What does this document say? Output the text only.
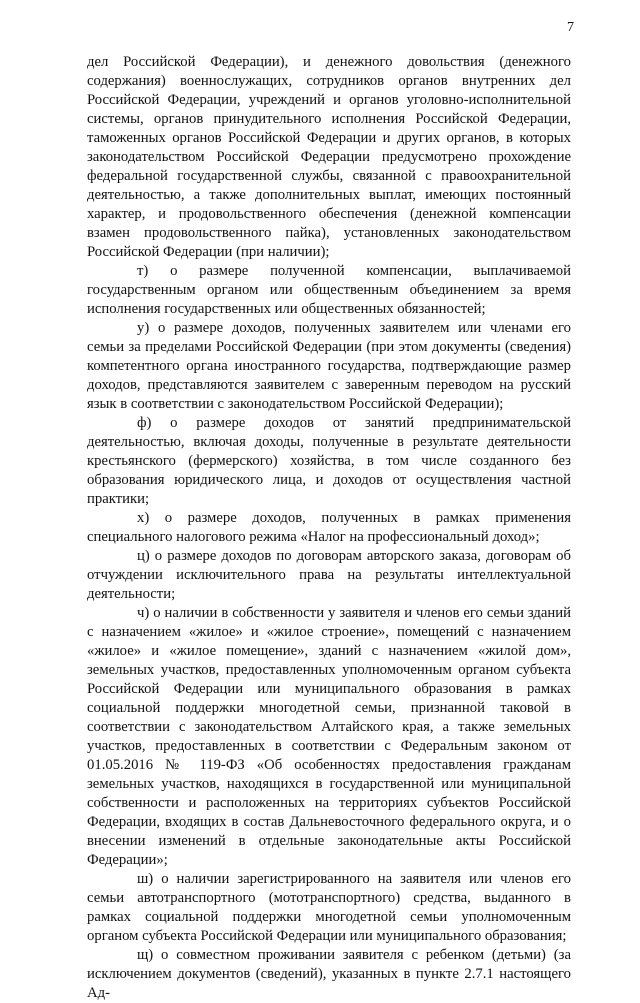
7

дел Российской Федерации), и денежного довольствия (денежного содержания) военнослужащих, сотрудников органов внутренних дел Российской Федерации, учреждений и органов уголовно-исполнительной системы, органов принудительного исполнения Российской Федерации, таможенных органов Российской Федерации и других органов, в которых законодательством Российской Федерации предусмотрено прохождение федеральной государственной службы, связанной с правоохранительной деятельностью, а также дополнительных выплат, имеющих постоянный характер, и продовольственного обеспечения (денежной компенсации взамен продовольственного пайка), установленных законодательством Российской Федерации (при наличии);

т) о размере полученной компенсации, выплачиваемой государственным органом или общественным объединением за время исполнения государственных или общественных обязанностей;

у) о размере доходов, полученных заявителем или членами его семьи за пределами Российской Федерации (при этом документы (сведения) компетентного органа иностранного государства, подтверждающие размер доходов, представляются заявителем с заверенным переводом на русский язык в соответствии с законодательством Российской Федерации);

ф) о размере доходов от занятий предпринимательской деятельностью, включая доходы, полученные в результате деятельности крестьянского (фермерского) хозяйства, в том числе созданного без образования юридического лица, и доходов от осуществления частной практики;

х) о размере доходов, полученных в рамках применения специального налогового режима «Налог на профессиональный доход»;

ц) о размере доходов по договорам авторского заказа, договорам об отчуждении исключительного права на результаты интеллектуальной деятельности;

ч) о наличии в собственности у заявителя и членов его семьи зданий с назначением «жилое» и «жилое строение», помещений с назначением «жилое» и «жилое помещение», зданий с назначением «жилой дом», земельных участков, предоставленных уполномоченным органом субъекта Российской Федерации или муниципального образования в рамках социальной поддержки многодетной семьи, признанной таковой в соответствии с законодательством Алтайского края, а также земельных участков, предоставленных в соответствии с Федеральным законом от 01.05.2016 № 119-ФЗ «Об особенностях предоставления гражданам земельных участков, находящихся в государственной или муниципальной собственности и расположенных на территориях субъектов Российской Федерации, входящих в состав Дальневосточного федерального округа, и о внесении изменений в отдельные законодательные акты Российской Федерации»;

ш) о наличии зарегистрированного на заявителя или членов его семьи автотранспортного (мототранспортного) средства, выданного в рамках социальной поддержки многодетной семьи уполномоченным органом субъекта Российской Федерации или муниципального образования;

щ) о совместном проживании заявителя с ребенком (детьми) (за исключением документов (сведений), указанных в пункте 2.7.1 настоящего Ад-
